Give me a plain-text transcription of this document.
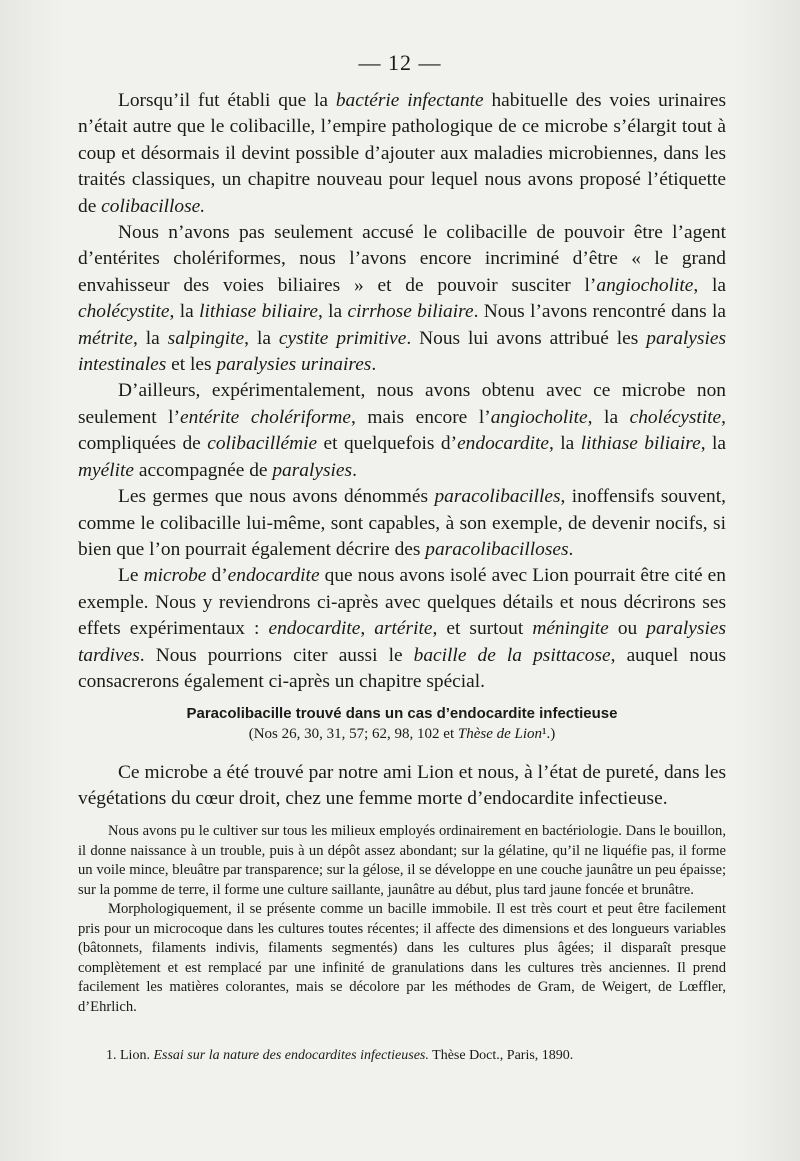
— 12 —

Lorsqu’il fut établi que la bactérie infectante habituelle des voies urinaires n’était autre que le colibacille, l’empire pathologique de ce microbe s’élargit tout à coup et désormais il devint possible d’ajouter aux maladies microbiennes, dans les traités classiques, un chapitre nouveau pour lequel nous avons proposé l’étiquette de colibacillose.

Nous n’avons pas seulement accusé le colibacille de pouvoir être l’agent d’entérites cholériformes, nous l’avons encore incriminé d’être « le grand envahisseur des voies biliaires » et de pouvoir susciter l’angiocholite, la cholécystite, la lithiase biliaire, la cirrhose biliaire. Nous l’avons rencontré dans la métrite, la salpingite, la cystite primitive. Nous lui avons attribué les paralysies intestinales et les paralysies urinaires.

D’ailleurs, expérimentalement, nous avons obtenu avec ce microbe non seulement l’entérite cholériforme, mais encore l’angiocholite, la cholécystite, compliquées de colibacillémie et quelquefois d’endocardite, la lithiase biliaire, la myélite accompagnée de paralysies.

Les germes que nous avons dénommés paracolibacilles, inoffensifs souvent, comme le colibacille lui-même, sont capables, à son exemple, de devenir nocifs, si bien que l’on pourrait également décrire des paracolibacilloses.

Le microbe d’endocardite que nous avons isolé avec Lion pourrait être cité en exemple. Nous y reviendrons ci-après avec quelques détails et nous décrirons ses effets expérimentaux : endocardite, artérite, et surtout méningite ou paralysies tardives. Nous pourrions citer aussi le bacille de la psittacose, auquel nous consacrerons également ci-après un chapitre spécial.

Paracolibacille trouvé dans un cas d’endocardite infectieuse
(Nos 26, 30, 31, 57; 62, 98, 102 et Thèse de Lion¹.)

Ce microbe a été trouvé par notre ami Lion et nous, à l’état de pureté, dans les végétations du cœur droit, chez une femme morte d’endocardite infectieuse.

Nous avons pu le cultiver sur tous les milieux employés ordinairement en bactériologie. Dans le bouillon, il donne naissance à un trouble, puis à un dépôt assez abondant; sur la gélatine, qu’il ne liquéfie pas, il forme un voile mince, bleuâtre par transparence; sur la gélose, il se développe en une couche jaunâtre un peu épaisse; sur la pomme de terre, il forme une culture saillante, jaunâtre au début, plus tard jaune foncée et brunâtre.

Morphologiquement, il se présente comme un bacille immobile. Il est très court et peut être facilement pris pour un microcoque dans les cultures toutes récentes; il affecte des dimensions et des longueurs variables (bâtonnets, filaments indivis, filaments segmentés) dans les cultures plus âgées; il disparaît presque complètement et est remplacé par une infinité de granulations dans les cultures très anciennes. Il prend facilement les matières colorantes, mais se décolore par les méthodes de Gram, de Weigert, de Lœffler, d’Ehrlich.

1. Lion. Essai sur la nature des endocardites infectieuses. Thèse Doct., Paris, 1890.
